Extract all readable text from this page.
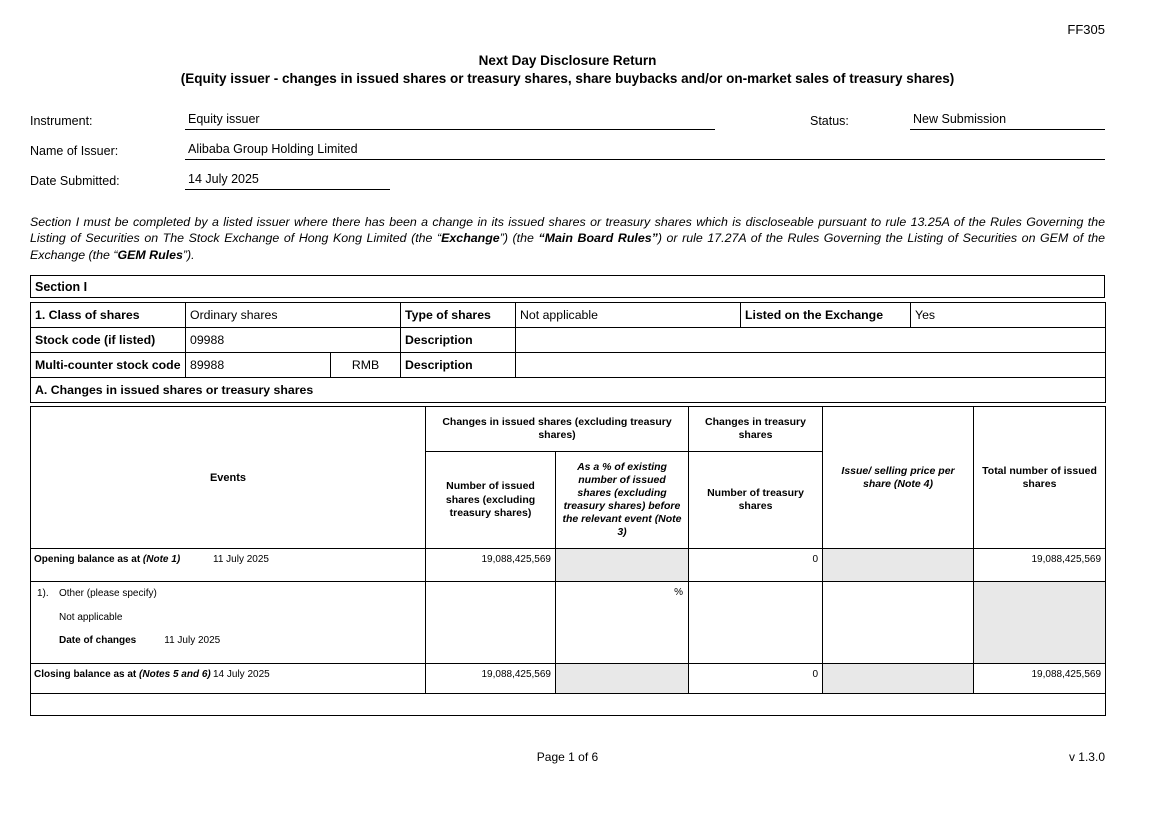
FF305
Next Day Disclosure Return
(Equity issuer - changes in issued shares or treasury shares, share buybacks and/or on-market sales of treasury shares)
Instrument:	Equity issuer	Status:	New Submission
Name of Issuer:	Alibaba Group Holding Limited
Date Submitted:	14 July 2025
Section I must be completed by a listed issuer where there has been a change in its issued shares or treasury shares which is discloseable pursuant to rule 13.25A of the Rules Governing the Listing of Securities on The Stock Exchange of Hong Kong Limited (the “Exchange”) (the “Main Board Rules”) or rule 17.27A of the Rules Governing the Listing of Securities on GEM of the Exchange (the “GEM Rules”).
Section I
1. Class of shares	Ordinary shares		Type of shares	Not applicable	Listed on the Exchange	Yes
Stock code (if listed)	09988		Description			
Multi-counter stock code	89988	RMB	Description			
A. Changes in issued shares or treasury shares						
Events	Changes in issued shares (excluding treasury shares)		Changes in treasury shares	Issue/ selling price per share (Note 4)	Total number of issued shares
	Number of issued shares (excluding treasury shares)	As a % of existing number of issued shares (excluding treasury shares) before the relevant event (Note 3)	Number of treasury shares		
Opening balance as at (Note 1) 11 July 2025	19,088,425,569		0		19,088,425,569

1). Other (please specify)
Not applicable
Date of changes 11 July 2025		%			
Closing balance as at (Notes 5 and 6) 14 July 2025	19,088,425,569		0		19,088,425,569

Page 1 of 6	v 1.3.0
